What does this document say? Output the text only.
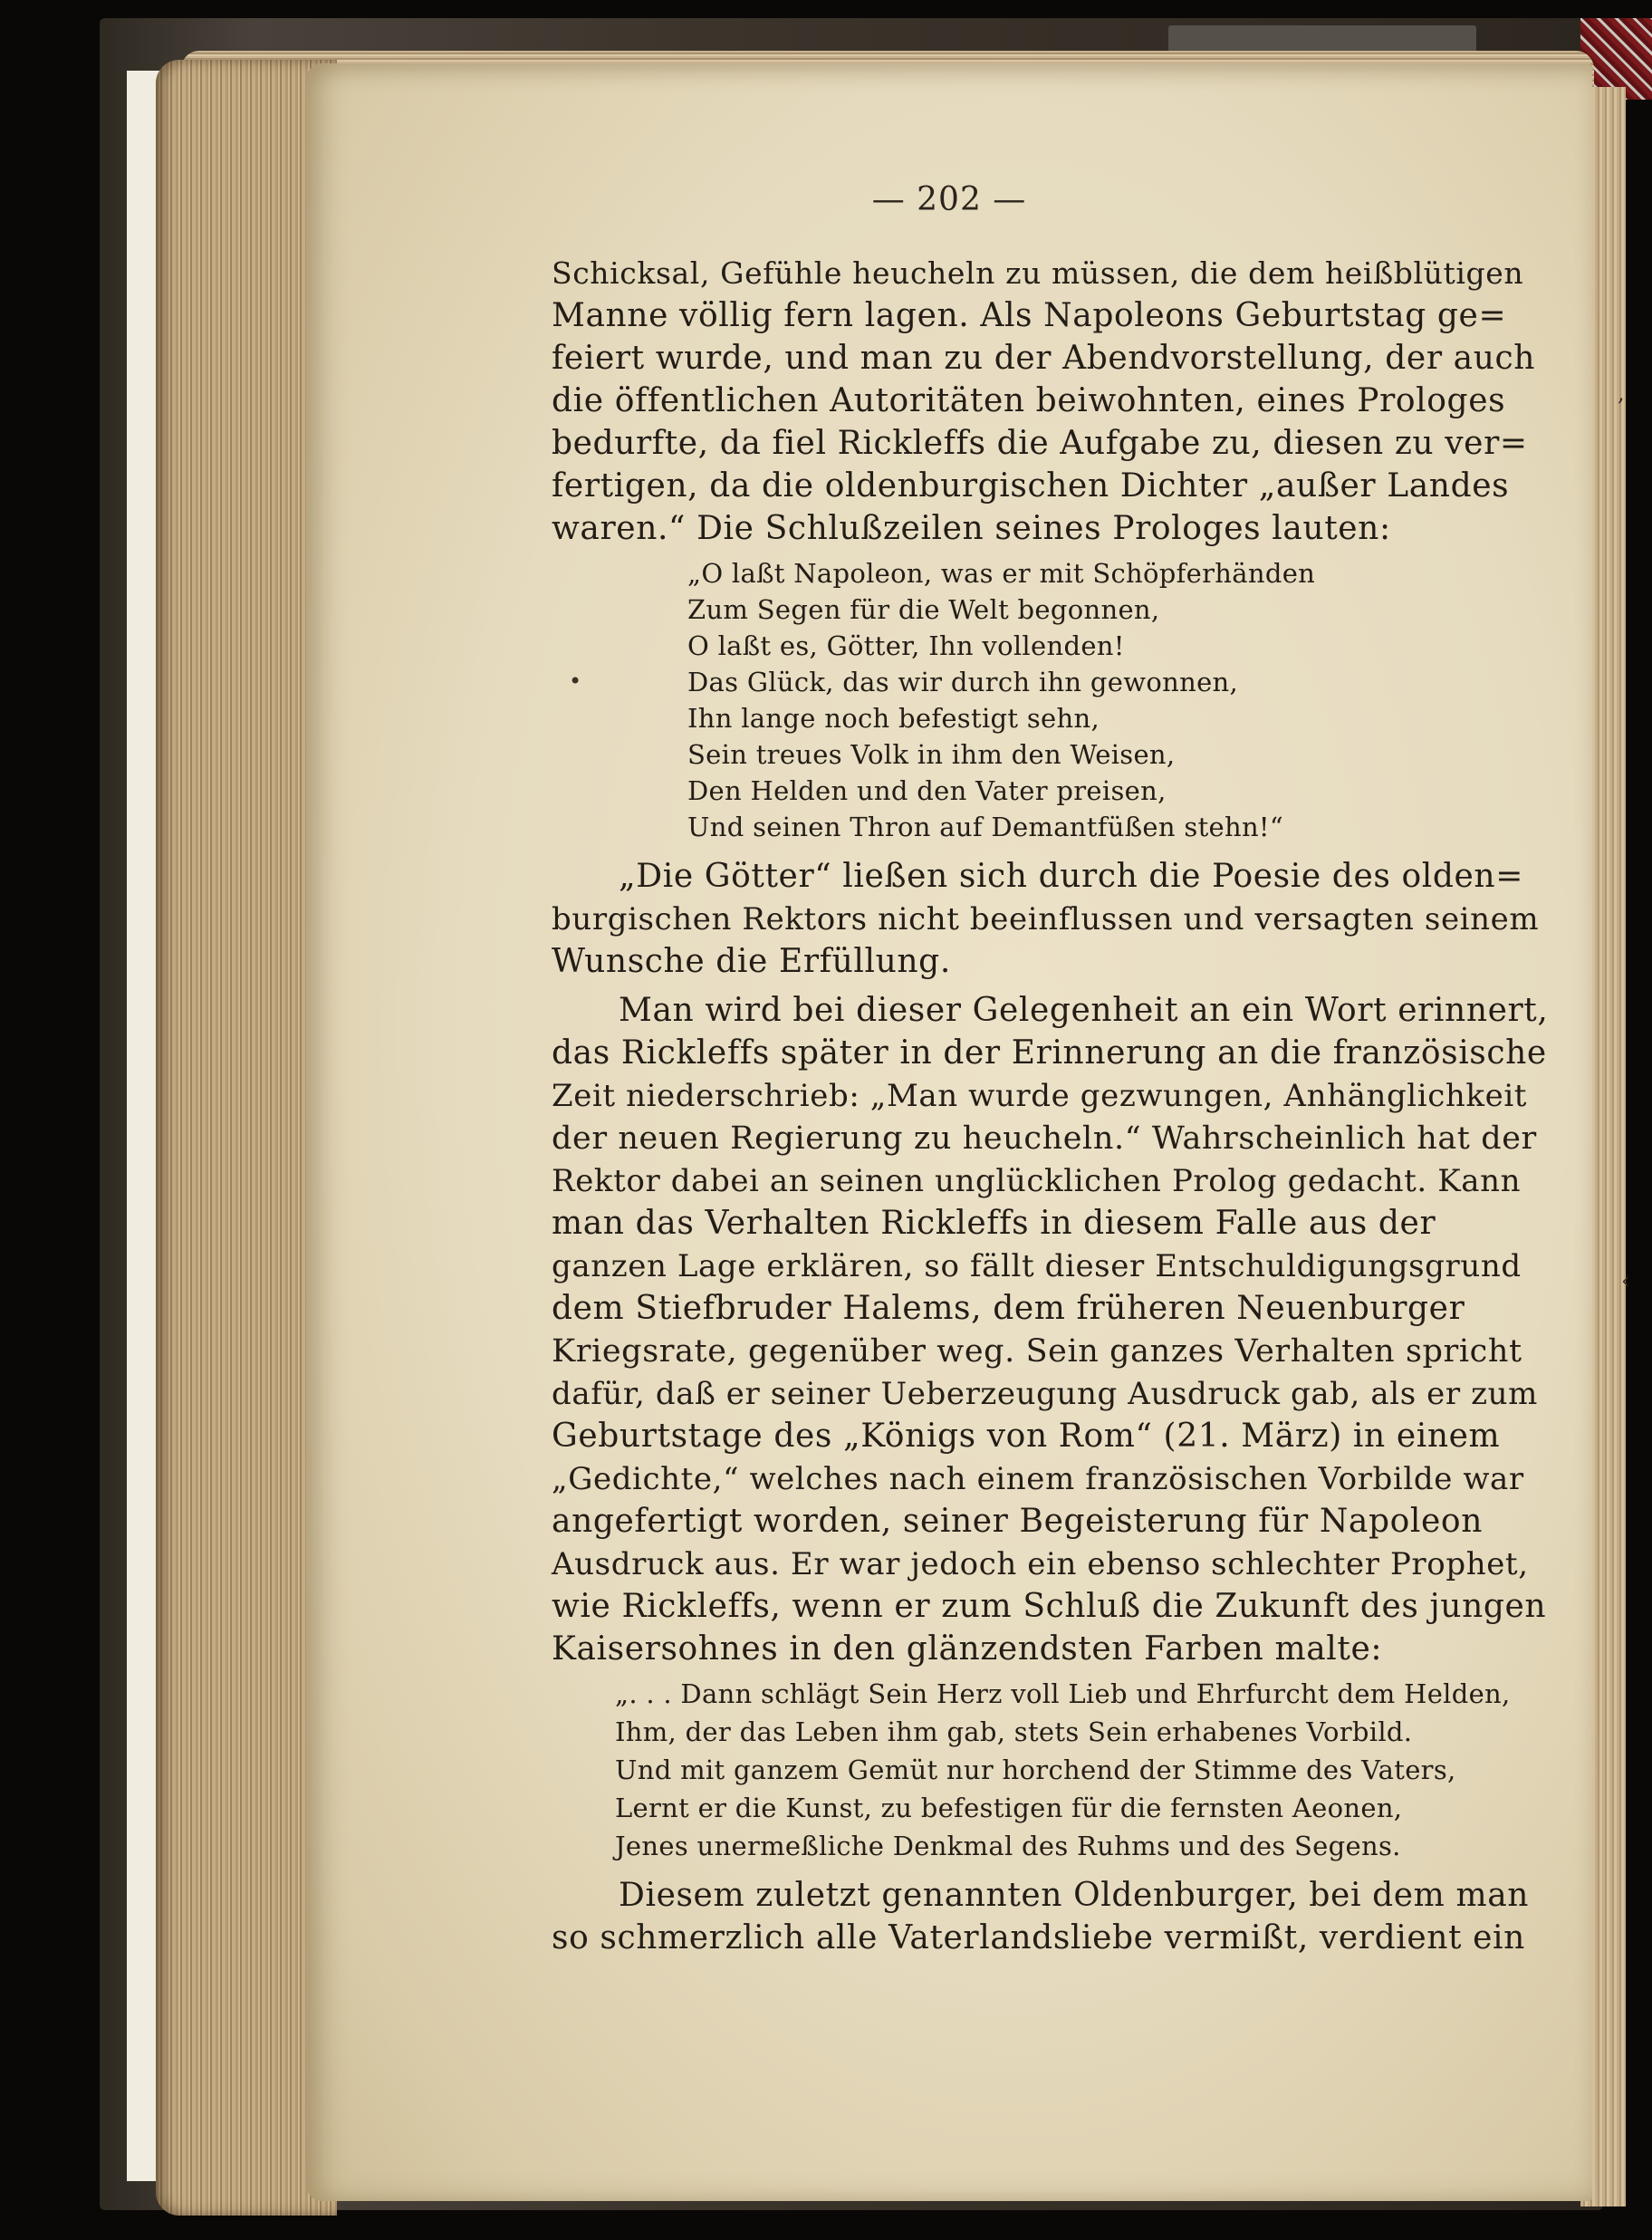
— 202 —
Schicksal, Gefühle heucheln zu müssen, die dem heißblütigen
Manne völlig fern lagen. Als Napoleons Geburtstag ge=
feiert wurde, und man zu der Abendvorstellung, der auch
die öffentlichen Autoritäten beiwohnten, eines Prologes
bedurfte, da fiel Rickleffs die Aufgabe zu, diesen zu ver=
fertigen, da die oldenburgischen Dichter „außer Landes
waren.“ Die Schlußzeilen seines Prologes lauten:
„O laßt Napoleon, was er mit Schöpferhänden
Zum Segen für die Welt begonnen,
O laßt es, Götter, Ihn vollenden!
Das Glück, das wir durch ihn gewonnen,
Ihn lange noch befestigt sehn,
Sein treues Volk in ihm den Weisen,
Den Helden und den Vater preisen,
Und seinen Thron auf Demantfüßen stehn!“
„Die Götter“ ließen sich durch die Poesie des olden=
burgischen Rektors nicht beeinflussen und versagten seinem
Wunsche die Erfüllung.
Man wird bei dieser Gelegenheit an ein Wort erinnert,
das Rickleffs später in der Erinnerung an die französische
Zeit niederschrieb: „Man wurde gezwungen, Anhänglichkeit
der neuen Regierung zu heucheln.“ Wahrscheinlich hat der
Rektor dabei an seinen unglücklichen Prolog gedacht. Kann
man das Verhalten Rickleffs in diesem Falle aus der
ganzen Lage erklären, so fällt dieser Entschuldigungsgrund
dem Stiefbruder Halems, dem früheren Neuenburger
Kriegsrate, gegenüber weg. Sein ganzes Verhalten spricht
dafür, daß er seiner Ueberzeugung Ausdruck gab, als er zum
Geburtstage des „Königs von Rom“ (21. März) in einem
„Gedichte,“ welches nach einem französischen Vorbilde war
angefertigt worden, seiner Begeisterung für Napoleon
Ausdruck aus. Er war jedoch ein ebenso schlechter Prophet,
wie Rickleffs, wenn er zum Schluß die Zukunft des jungen
Kaisersohnes in den glänzendsten Farben malte:
„. . . Dann schlägt Sein Herz voll Lieb und Ehrfurcht dem Helden,
Ihm, der das Leben ihm gab, stets Sein erhabenes Vorbild.
Und mit ganzem Gemüt nur horchend der Stimme des Vaters,
Lernt er die Kunst, zu befestigen für die fernsten Aeonen,
Jenes unermeßliche Denkmal des Ruhms und des Segens.
Diesem zuletzt genannten Oldenburger, bei dem man
so schmerzlich alle Vaterlandsliebe vermißt, verdient ein
,
‹
•
